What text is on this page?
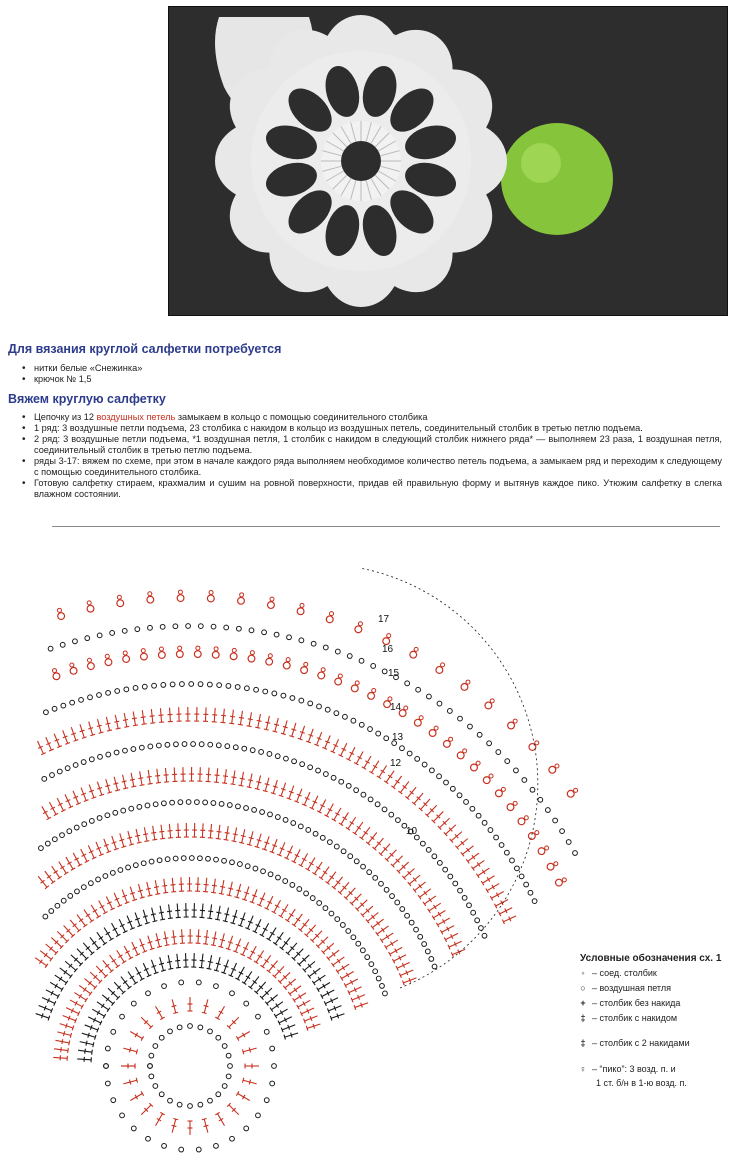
Для вязания круглой салфетки потребуется
• нитки белые «Снежинка»
• крючок № 1,5
Вяжем круглую салфетку
• Цепочку из 12 воздушных петель замыкаем в кольцо с помощью соединительного столбика
• 1 ряд: 3 воздушные петли подъема, 23 столбика с накидом в кольцо из воздушных петель, соединительный столбик в третью петлю подъема.
• 2 ряд: 3 воздушные петли подъема, *1 воздушная петля, 1 столбик с накидом в следующий столбик нижнего ряда* — выполняем 23 раза, 1 воздушная петля, соединительный столбик в третью петлю подъема.
• ряды 3-17: вяжем по схеме, при этом в начале каждого ряда выполняем необходимое количество петель подъема, а замыкаем ряд и переходим к следующему с помощью соединительного столбика.
• Готовую салфетку стираем, крахмалим и сушим на ровной поверхности, придав ей правильную форму и вытянув каждое пико. Утюжим салфетку в слегка влажном состоянии.
17
16
15
14
13
12
10
Условные обозначения сх. 1
◦ – соед. столбик
○ – воздушная петля
+ – столбик без накида
‡ – столбик с накидом
‡ – столбик с 2 накидами
♀ – “пико”: 3 возд. п. и
1 ст. б/н в 1-ю возд. п.
